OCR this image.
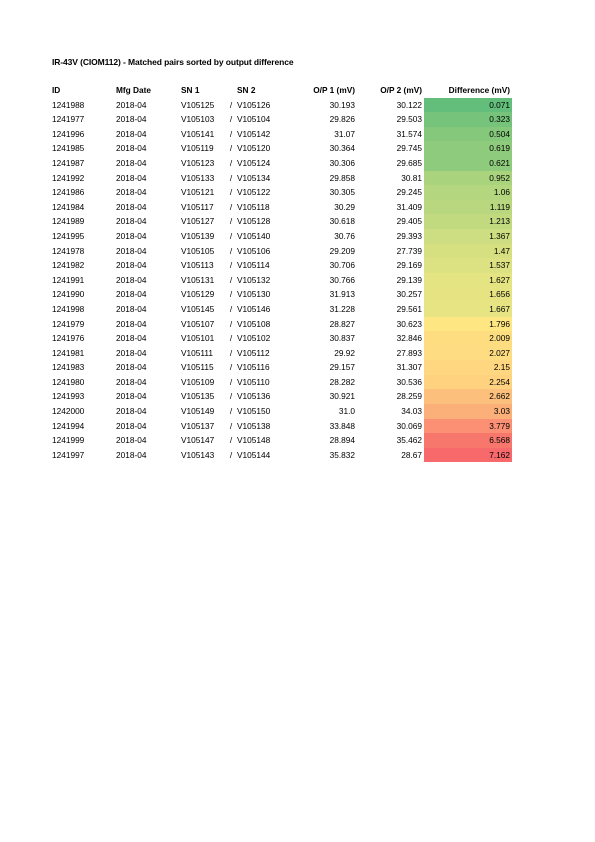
IR-43V (CIOM112) - Matched pairs sorted by output difference
ID	Mfg Date	SN 1		SN 2	O/P 1 (mV)	O/P 2 (mV)	Difference (mV)
1241988	2018-04	V105125	/	V105126	30.193	30.122	0.071
1241977	2018-04	V105103	/	V105104	29.826	29.503	0.323
1241996	2018-04	V105141	/	V105142	31.07	31.574	0.504
1241985	2018-04	V105119	/	V105120	30.364	29.745	0.619
1241987	2018-04	V105123	/	V105124	30.306	29.685	0.621
1241992	2018-04	V105133	/	V105134	29.858	30.81	0.952
1241986	2018-04	V105121	/	V105122	30.305	29.245	1.06
1241984	2018-04	V105117	/	V105118	30.29	31.409	1.119
1241989	2018-04	V105127	/	V105128	30.618	29.405	1.213
1241995	2018-04	V105139	/	V105140	30.76	29.393	1.367
1241978	2018-04	V105105	/	V105106	29.209	27.739	1.47
1241982	2018-04	V105113	/	V105114	30.706	29.169	1.537
1241991	2018-04	V105131	/	V105132	30.766	29.139	1.627
1241990	2018-04	V105129	/	V105130	31.913	30.257	1.656
1241998	2018-04	V105145	/	V105146	31.228	29.561	1.667
1241979	2018-04	V105107	/	V105108	28.827	30.623	1.796
1241976	2018-04	V105101	/	V105102	30.837	32.846	2.009
1241981	2018-04	V105111	/	V105112	29.92	27.893	2.027
1241983	2018-04	V105115	/	V105116	29.157	31.307	2.15
1241980	2018-04	V105109	/	V105110	28.282	30.536	2.254
1241993	2018-04	V105135	/	V105136	30.921	28.259	2.662
1242000	2018-04	V105149	/	V105150	31.0	34.03	3.03
1241994	2018-04	V105137	/	V105138	33.848	30.069	3.779
1241999	2018-04	V105147	/	V105148	28.894	35.462	6.568
1241997	2018-04	V105143	/	V105144	35.832	28.67	7.162
